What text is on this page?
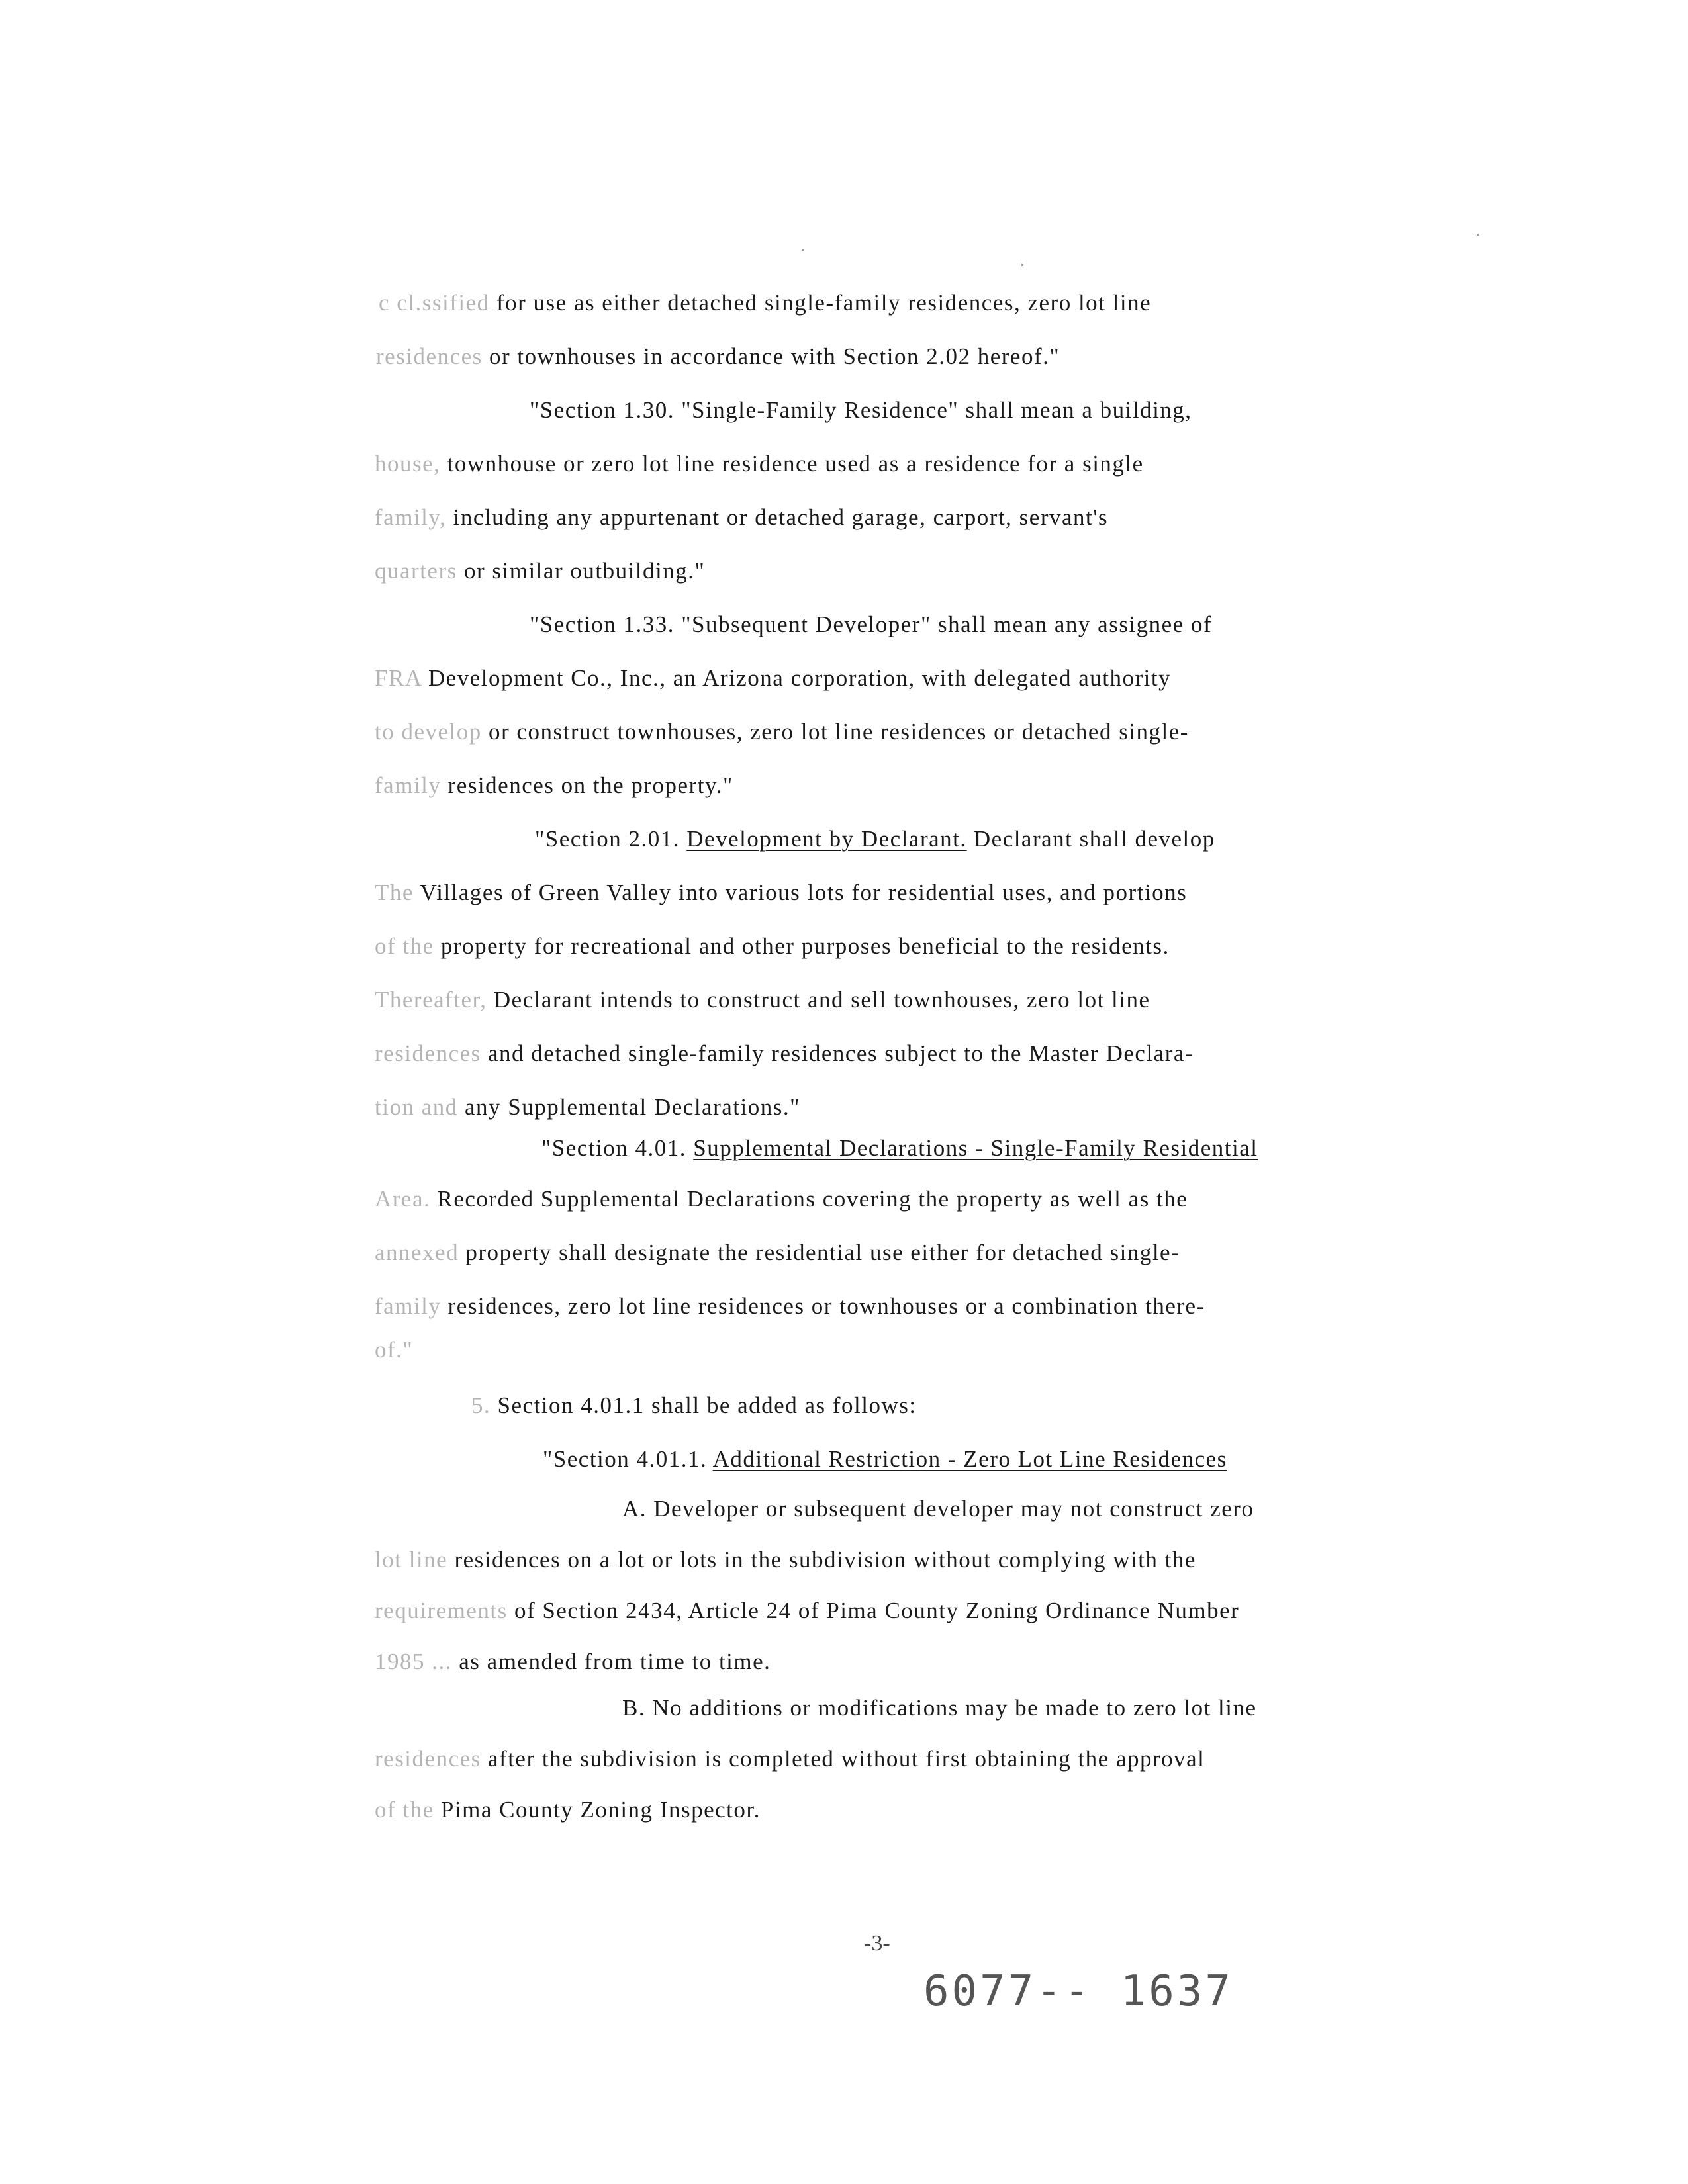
c cl.ssified for use as either detached single-family residences, zero lot line
residences or townhouses in accordance with Section 2.02 hereof."
"Section 1.30. "Single-Family Residence" shall mean a building,
house, townhouse or zero lot line residence used as a residence for a single
family, including any appurtenant or detached garage, carport, servant's
quarters or similar outbuilding."
"Section 1.33. "Subsequent Developer" shall mean any assignee of
FRA Development Co., Inc., an Arizona corporation, with delegated authority
to develop or construct townhouses, zero lot line residences or detached single-
family residences on the property."
"Section 2.01. Development by Declarant. Declarant shall develop
The Villages of Green Valley into various lots for residential uses, and portions
of the property for recreational and other purposes beneficial to the residents.
Thereafter, Declarant intends to construct and sell townhouses, zero lot line
residences and detached single-family residences subject to the Master Declara-
tion and any Supplemental Declarations."
"Section 4.01. Supplemental Declarations - Single-Family Residential
Area. Recorded Supplemental Declarations covering the property as well as the
annexed property shall designate the residential use either for detached single-
family residences, zero lot line residences or townhouses or a combination there-
of."
5. Section 4.01.1 shall be added as follows:
"Section 4.01.1. Additional Restriction - Zero Lot Line Residences
A. Developer or subsequent developer may not construct zero
lot line residences on a lot or lots in the subdivision without complying with the
requirements of Section 2434, Article 24 of Pima County Zoning Ordinance Number
1985 ... as amended from time to time.
B. No additions or modifications may be made to zero lot line
residences after the subdivision is completed without first obtaining the approval
of the Pima County Zoning Inspector.
-3-
6077-- 1637
